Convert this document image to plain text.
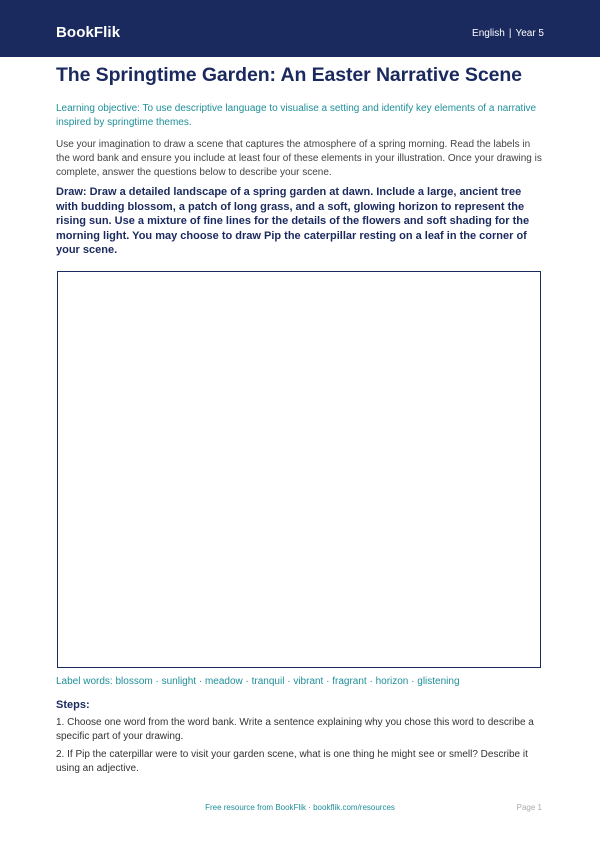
BookFlik	English | Year 5
The Springtime Garden: An Easter Narrative Scene

Learning objective: To use descriptive language to visualise a setting and identify key elements of a narrative inspired by springtime themes.

Use your imagination to draw a scene that captures the atmosphere of a spring morning. Read the labels in the word bank and ensure you include at least four of these elements in your illustration. Once your drawing is complete, answer the questions below to describe your scene.

Draw: Draw a detailed landscape of a spring garden at dawn. Include a large, ancient tree with budding blossom, a patch of long grass, and a soft, glowing horizon to represent the rising sun. Use a mixture of fine lines for the details of the flowers and soft shading for the morning light. You may choose to draw Pip the caterpillar resting on a leaf in the corner of your scene.

Label words: blossom · sunlight · meadow · tranquil · vibrant · fragrant · horizon · glistening
Steps:
1. Choose one word from the word bank. Write a sentence explaining why you chose this word to describe a specific part of your drawing.
2. If Pip the caterpillar were to visit your garden scene, what is one thing he might see or smell? Describe it using an adjective.
Free resource from BookFlik · bookflik.com/resources	Page 1
